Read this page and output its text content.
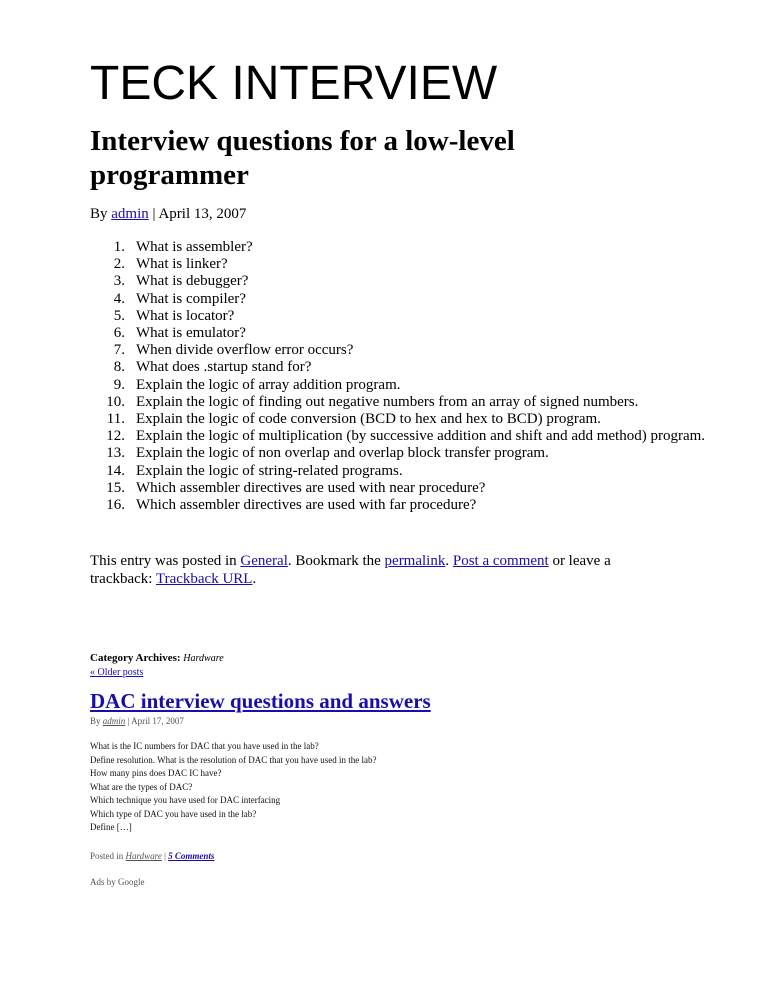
TECK INTERVIEW
Interview questions for a low-level programmer
By admin | April 13, 2007
1. What is assembler?
2. What is linker?
3. What is debugger?
4. What is compiler?
5. What is locator?
6. What is emulator?
7. When divide overflow error occurs?
8. What does .startup stand for?
9. Explain the logic of array addition program.
10. Explain the logic of finding out negative numbers from an array of signed numbers.
11. Explain the logic of code conversion (BCD to hex and hex to BCD) program.
12. Explain the logic of multiplication (by successive addition and shift and add method) program.
13. Explain the logic of non overlap and overlap block transfer program.
14. Explain the logic of string-related programs.
15. Which assembler directives are used with near procedure?
16. Which assembler directives are used with far procedure?
This entry was posted in General. Bookmark the permalink. Post a comment or leave a trackback: Trackback URL.
Category Archives: Hardware
« Older posts
DAC interview questions and answers
By admin | April 17, 2007
What is the IC numbers for DAC that you have used in the lab?
Define resolution. What is the resolution of DAC that you have used in the lab?
How many pins does DAC IC have?
What are the types of DAC?
Which technique you have used for DAC interfacing
Which type of DAC you have used in the lab?
Define […]
Posted in Hardware | 5 Comments
Ads by Google
